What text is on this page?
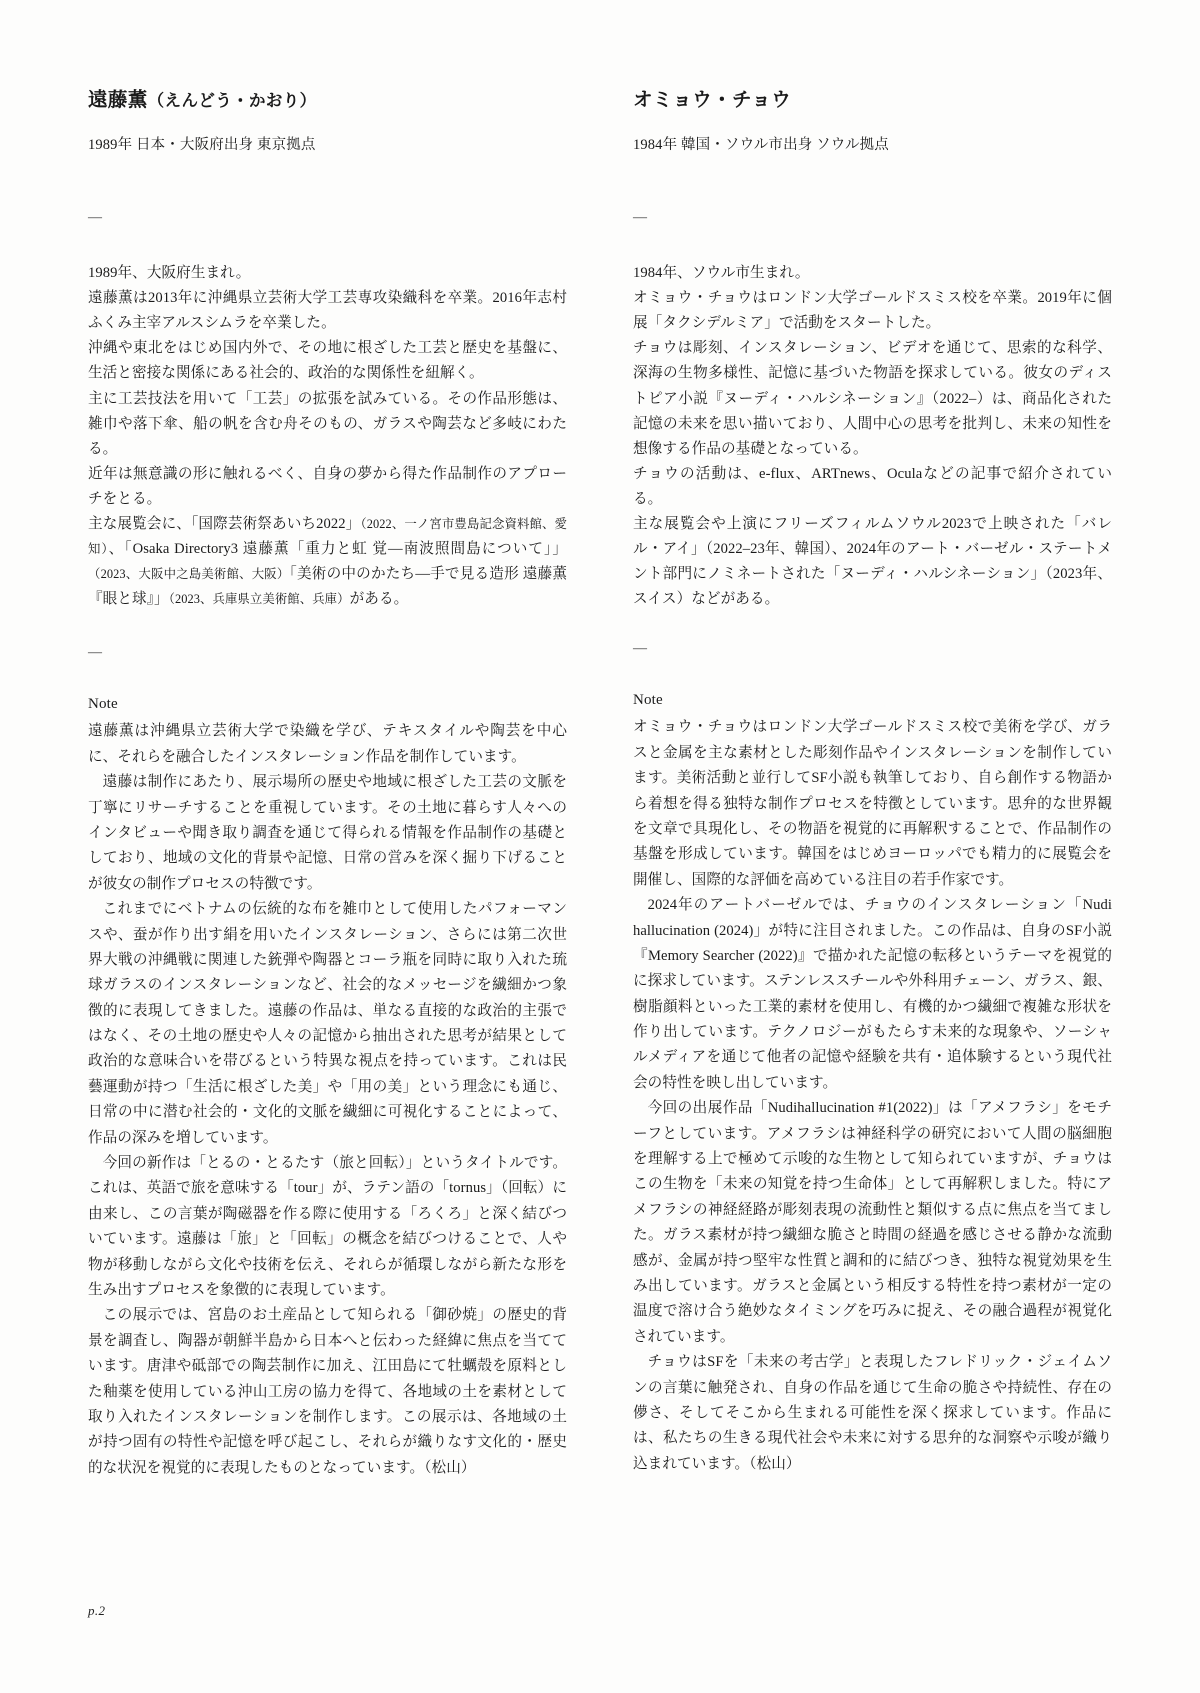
遠藤薫（えんどう・かおり）
1989年 日本・大阪府出身 東京拠点
—

1989年、大阪府生まれ。

遠藤薫は2013年に沖縄県立芸術大学工芸専攻染織科を卒業。2016年志村ふくみ主宰アルスシムラを卒業した。

沖縄や東北をはじめ国内外で、その地に根ざした工芸と歴史を基盤に、生活と密接な関係にある社会的、政治的な関係性を紐解く。

主に工芸技法を用いて「工芸」の拡張を試みている。その作品形態は、雑巾や落下傘、船の帆を含む舟そのもの、ガラスや陶芸など多岐にわたる。

近年は無意識の形に触れるべく、自身の夢から得た作品制作のアプローチをとる。

主な展覧会に、「国際芸術祭あいち2022」（2022、一ノ宮市豊島記念資料館、愛知）、「Osaka Directory3 遠藤薫「重力と虹 覚―南波照間島について」」（2023、大阪中之島美術館、大阪）「美術の中のかたち―手で見る造形 遠藤薫『眼と球』」（2023、兵庫県立美術館、兵庫）がある。

—
Note

遠藤薫は沖縄県立芸術大学で染織を学び、テキスタイルや陶芸を中心に、それらを融合したインスタレーション作品を制作しています。

遠藤は制作にあたり、展示場所の歴史や地域に根ざした工芸の文脈を丁寧にリサーチすることを重視しています。その土地に暮らす人々へのインタビューや聞き取り調査を通じて得られる情報を作品制作の基礎としており、地域の文化的背景や記憶、日常の営みを深く掘り下げることが彼女の制作プロセスの特徴です。

これまでにベトナムの伝統的な布を雑巾として使用したパフォーマンスや、蚕が作り出す絹を用いたインスタレーション、さらには第二次世界大戦の沖縄戦に関連した銃弾や陶器とコーラ瓶を同時に取り入れた琉球ガラスのインスタレーションなど、社会的なメッセージを繊細かつ象徴的に表現してきました。遠藤の作品は、単なる直接的な政治的主張ではなく、その土地の歴史や人々の記憶から抽出された思考が結果として政治的な意味合いを帯びるという特異な視点を持っています。これは民藝運動が持つ「生活に根ざした美」や「用の美」という理念にも通じ、日常の中に潜む社会的・文化的文脈を繊細に可視化することによって、作品の深みを増しています。

今回の新作は「とるの・とるたす（旅と回転）」というタイトルです。これは、英語で旅を意味する「tour」が、ラテン語の「tornus」（回転）に由来し、この言葉が陶磁器を作る際に使用する「ろくろ」と深く結びついています。遠藤は「旅」と「回転」の概念を結びつけることで、人や物が移動しながら文化や技術を伝え、それらが循環しながら新たな形を生み出すプロセスを象徴的に表現しています。

この展示では、宮島のお土産品として知られる「御砂焼」の歴史的背景を調査し、陶器が朝鮮半島から日本へと伝わった経緯に焦点を当てています。唐津や砥部での陶芸制作に加え、江田島にて牡蠣殻を原料とした釉薬を使用している沖山工房の協力を得て、各地域の土を素材として取り入れたインスタレーションを制作します。この展示は、各地域の土が持つ固有の特性や記憶を呼び起こし、それらが織りなす文化的・歴史的な状況を視覚的に表現したものとなっています。（松山）

オミョウ・チョウ
1984年 韓国・ソウル市出身 ソウル拠点
—

1984年、ソウル市生まれ。

オミョウ・チョウはロンドン大学ゴールドスミス校を卒業。2019年に個展「タクシデルミア」で活動をスタートした。

チョウは彫刻、インスタレーション、ビデオを通じて、思索的な科学、深海の生物多様性、記憶に基づいた物語を探求している。彼女のディストピア小説『ヌーディ・ハルシネーション』（2022–）は、商品化された記憶の未来を思い描いており、人間中心の思考を批判し、未来の知性を想像する作品の基礎となっている。

チョウの活動は、e-flux、ARTnews、Oculaなどの記事で紹介されている。

主な展覧会や上演にフリーズフィルムソウル2023で上映された「バレル・アイ」（2022–23年、韓国）、2024年のアート・バーゼル・ステートメント部門にノミネートされた「ヌーディ・ハルシネーション」（2023年、スイス）などがある。

—
Note

オミョウ・チョウはロンドン大学ゴールドスミス校で美術を学び、ガラスと金属を主な素材とした彫刻作品やインスタレーションを制作しています。美術活動と並行してSF小説も執筆しており、自ら創作する物語から着想を得る独特な制作プロセスを特徴としています。思弁的な世界観を文章で具現化し、その物語を視覚的に再解釈することで、作品制作の基盤を形成しています。韓国をはじめヨーロッパでも精力的に展覧会を開催し、国際的な評価を高めている注目の若手作家です。

2024年のアートバーゼルでは、チョウのインスタレーション「Nudi hallucination (2024)」が特に注目されました。この作品は、自身のSF小説『Memory Searcher (2022)』で描かれた記憶の転移というテーマを視覚的に探求しています。ステンレススチールや外科用チェーン、ガラス、銀、樹脂顔料といった工業的素材を使用し、有機的かつ繊細で複雑な形状を作り出しています。テクノロジーがもたらす未来的な現象や、ソーシャルメディアを通じて他者の記憶や経験を共有・追体験するという現代社会の特性を映し出しています。

今回の出展作品「Nudihallucination #1(2022)」は「アメフラシ」をモチーフとしています。アメフラシは神経科学の研究において人間の脳細胞を理解する上で極めて示唆的な生物として知られていますが、チョウはこの生物を「未来の知覚を持つ生命体」として再解釈しました。特にアメフラシの神経経路が彫刻表現の流動性と類似する点に焦点を当てました。ガラス素材が持つ繊細な脆さと時間の経過を感じさせる静かな流動感が、金属が持つ堅牢な性質と調和的に結びつき、独特な視覚効果を生み出しています。ガラスと金属という相反する特性を持つ素材が一定の温度で溶け合う絶妙なタイミングを巧みに捉え、その融合過程が視覚化されています。

チョウはSFを「未来の考古学」と表現したフレドリック・ジェイムソンの言葉に触発され、自身の作品を通じて生命の脆さや持続性、存在の儚さ、そしてそこから生まれる可能性を深く探求しています。作品には、私たちの生きる現代社会や未来に対する思弁的な洞察や示唆が織り込まれています。（松山）

p.2
